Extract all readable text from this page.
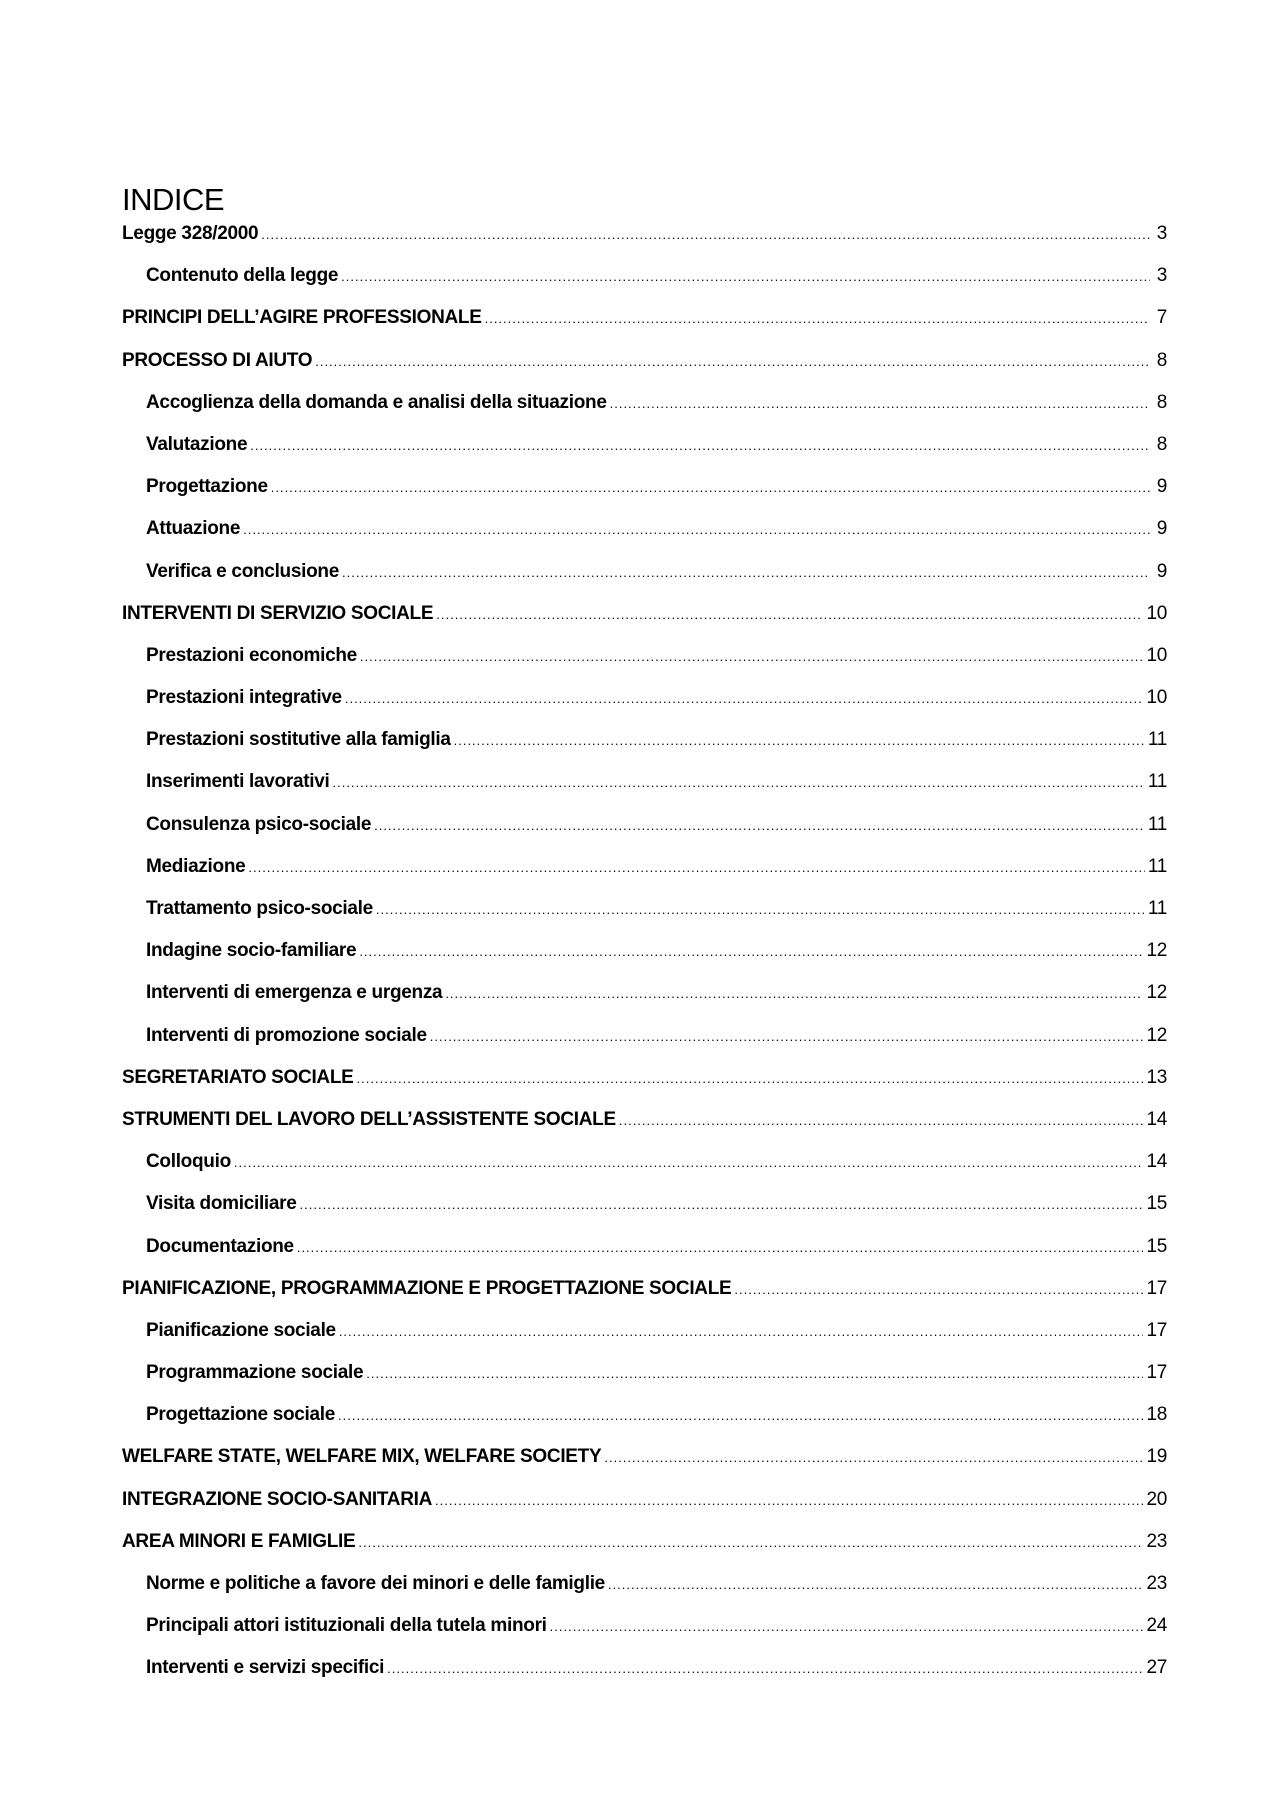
INDICE
Legge 328/2000 .....	3
Contenuto della legge .....	3
PRINCIPI DELL’AGIRE PROFESSIONALE .....	7
PROCESSO DI AIUTO .....	8
Accoglienza della domanda e analisi della situazione .....	8
Valutazione .....	8
Progettazione .....	9
Attuazione .....	9
Verifica e conclusione .....	9
INTERVENTI DI SERVIZIO SOCIALE .....	10
Prestazioni economiche .....	10
Prestazioni integrative .....	10
Prestazioni sostitutive alla famiglia .....	11
Inserimenti lavorativi .....	11
Consulenza psico-sociale .....	11
Mediazione .....	11
Trattamento psico-sociale .....	11
Indagine socio-familiare .....	12
Interventi di emergenza e urgenza .....	12
Interventi di promozione sociale .....	12
SEGRETARIATO SOCIALE .....	13
STRUMENTI DEL LAVORO DELL’ASSISTENTE SOCIALE .....	14
Colloquio .....	14
Visita domiciliare .....	15
Documentazione .....	15
PIANIFICAZIONE, PROGRAMMAZIONE E PROGETTAZIONE SOCIALE .....	17
Pianificazione sociale .....	17
Programmazione sociale .....	17
Progettazione sociale .....	18
WELFARE STATE, WELFARE MIX, WELFARE SOCIETY .....	19
INTEGRAZIONE SOCIO-SANITARIA .....	20
AREA MINORI E FAMIGLIE .....	23
Norme e politiche a favore dei minori e delle famiglie .....	23
Principali attori istituzionali della tutela minori .....	24
Interventi e servizi specifici .....	27
